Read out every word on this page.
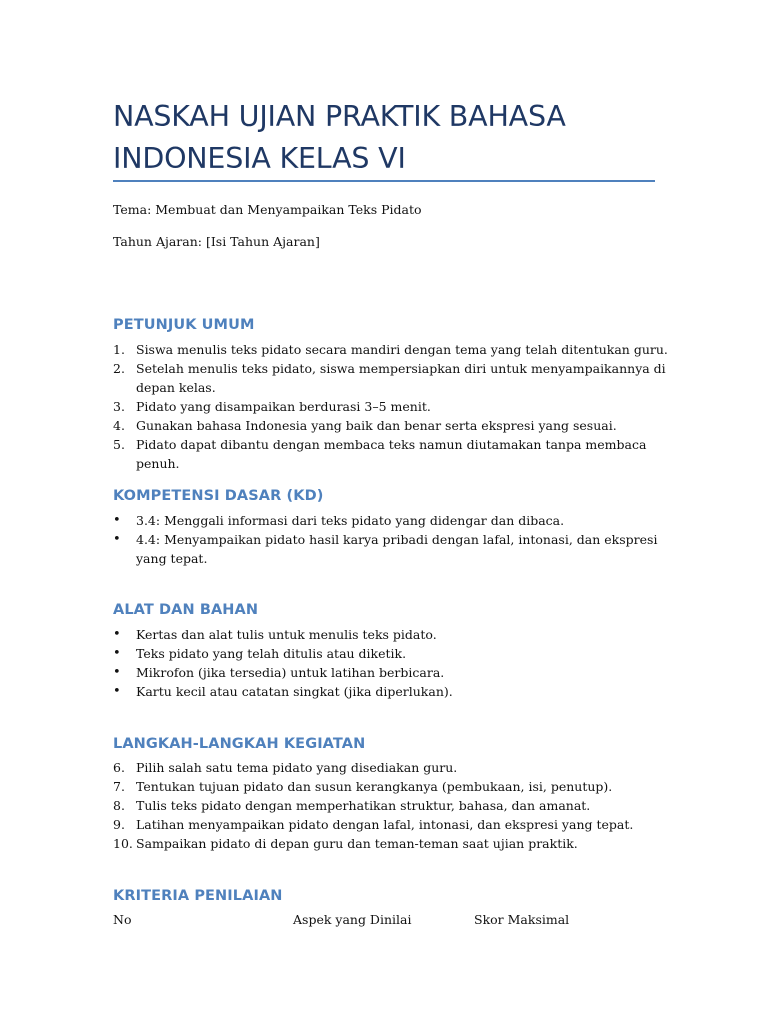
NASKAH UJIAN PRAKTIK BAHASA INDONESIA KELAS VI
Tema: Membuat dan Menyampaikan Teks Pidato
Tahun Ajaran: [Isi Tahun Ajaran]
PETUNJUK UMUM
1. Siswa menulis teks pidato secara mandiri dengan tema yang telah ditentukan guru.
2. Setelah menulis teks pidato, siswa mempersiapkan diri untuk menyampaikannya di depan kelas.
3. Pidato yang disampaikan berdurasi 3–5 menit.
4. Gunakan bahasa Indonesia yang baik dan benar serta ekspresi yang sesuai.
5. Pidato dapat dibantu dengan membaca teks namun diutamakan tanpa membaca penuh.
KOMPETENSI DASAR (KD)
• 3.4: Menggali informasi dari teks pidato yang didengar dan dibaca.
• 4.4: Menyampaikan pidato hasil karya pribadi dengan lafal, intonasi, dan ekspresi yang tepat.
ALAT DAN BAHAN
• Kertas dan alat tulis untuk menulis teks pidato.
• Teks pidato yang telah ditulis atau diketik.
• Mikrofon (jika tersedia) untuk latihan berbicara.
• Kartu kecil atau catatan singkat (jika diperlukan).
LANGKAH-LANGKAH KEGIATAN
6. Pilih salah satu tema pidato yang disediakan guru.
7. Tentukan tujuan pidato dan susun kerangkanya (pembukaan, isi, penutup).
8. Tulis teks pidato dengan memperhatikan struktur, bahasa, dan amanat.
9. Latihan menyampaikan pidato dengan lafal, intonasi, dan ekspresi yang tepat.
10. Sampaikan pidato di depan guru dan teman-teman saat ujian praktik.
KRITERIA PENILAIAN
No	Aspek yang Dinilai	Skor Maksimal
